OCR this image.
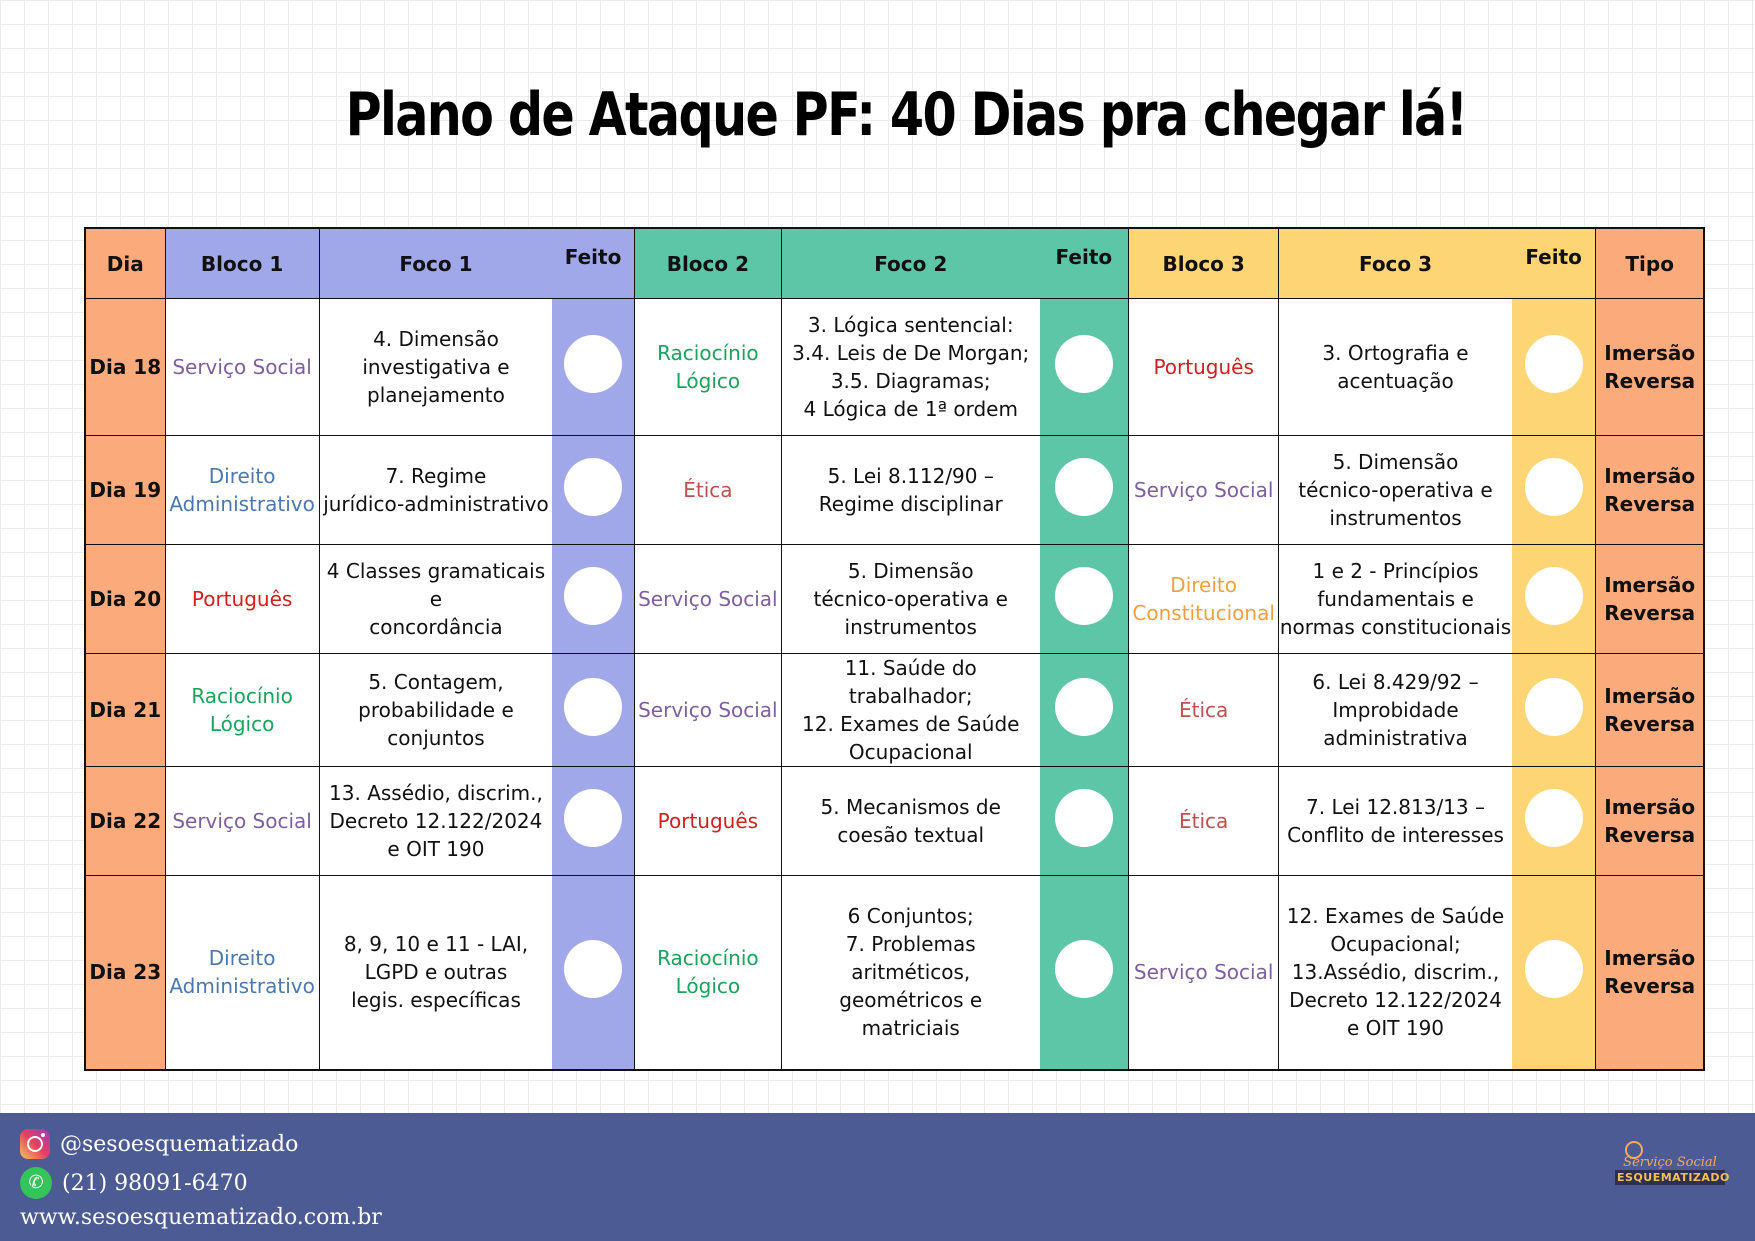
Plano de Ataque PF: 40 Dias pra chegar lá!
Dia	Bloco 1	Foco 1	Feito	Bloco 2	Foco 2	Feito	Bloco 3	Foco 3	Feito	Tipo
Dia 18	Serviço Social	4. Dimensão
investigativa e
planejamento		Raciocínio
Lógico	3. Lógica sentencial:
3.4. Leis de De Morgan;
3.5. Diagramas;
4 Lógica de 1ª ordem		Português	3. Ortografia e
acentuação		Imersão
Reversa
Dia 19	Direito
Administrativo	7. Regime
jurídico-administrativo		Ética	5. Lei 8.112/90 –
Regime disciplinar		Serviço Social	5. Dimensão
técnico-operativa e
instrumentos		Imersão
Reversa
Dia 20	Português	4 Classes gramaticais e
concordância		Serviço Social	5. Dimensão
técnico-operativa e
instrumentos		Direito
Constitucional	1 e 2 - Princípios
fundamentais e
normas constitucionais		Imersão
Reversa
Dia 21	Raciocínio
Lógico	5. Contagem,
probabilidade e
conjuntos		Serviço Social	11. Saúde do trabalhador;
12. Exames de Saúde
Ocupacional		Ética	6. Lei 8.429/92 –
Improbidade
administrativa		Imersão
Reversa
Dia 22	Serviço Social	13. Assédio, discrim.,
Decreto 12.122/2024
e OIT 190		Português	5. Mecanismos de
coesão textual		Ética	7. Lei 12.813/13 –
Conflito de interesses		Imersão
Reversa
Dia 23	Direito
Administrativo	8, 9, 10 e 11 - LAI,
LGPD e outras
legis. específicas		Raciocínio
Lógico	6 Conjuntos;
7. Problemas
aritméticos,
geométricos e
matriciais		Serviço Social	12. Exames de Saúde
Ocupacional;
13.Assédio, discrim.,
Decreto 12.122/2024
e OIT 190		Imersão
Reversa
@sesoesquematizado
✆ (21) 98091-6470
www.sesoesquematizado.com.br
Serviço Social
ESQUEMATIZADO
